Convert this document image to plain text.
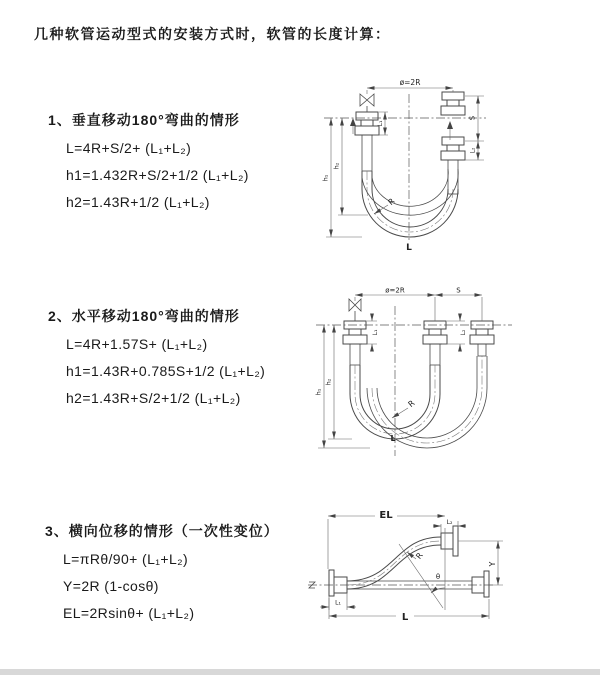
几种软管运动型式的安装方式时，软管的长度计算：
1、垂直移动180°弯曲的情形
L=4R+S/2+ (L₁+L₂)
h1=1.432R+S/2+1/2 (L₁+L₂)
h2=1.43R+1/2 (L₁+L₂)
2、水平移动180°弯曲的情形
L=4R+1.57S+ (L₁+L₂)
h1=1.43R+0.785S+1/2 (L₁+L₂)
h2=1.43R+S/2+1/2 (L₁+L₂)
3、横向位移的情形（一次性变位）
L=πRθ/90+ (L₁+L₂)
Y=2R (1-cosθ)
EL=2Rsinθ+ (L₁+L₂)
ø=2R
S
L₂
L₁
h₂
h₁
R
L
ø=2R	S
L₁	L₂
h₂
h₁
R
L
θ
R
EL
L₂
Y
L₁
L
